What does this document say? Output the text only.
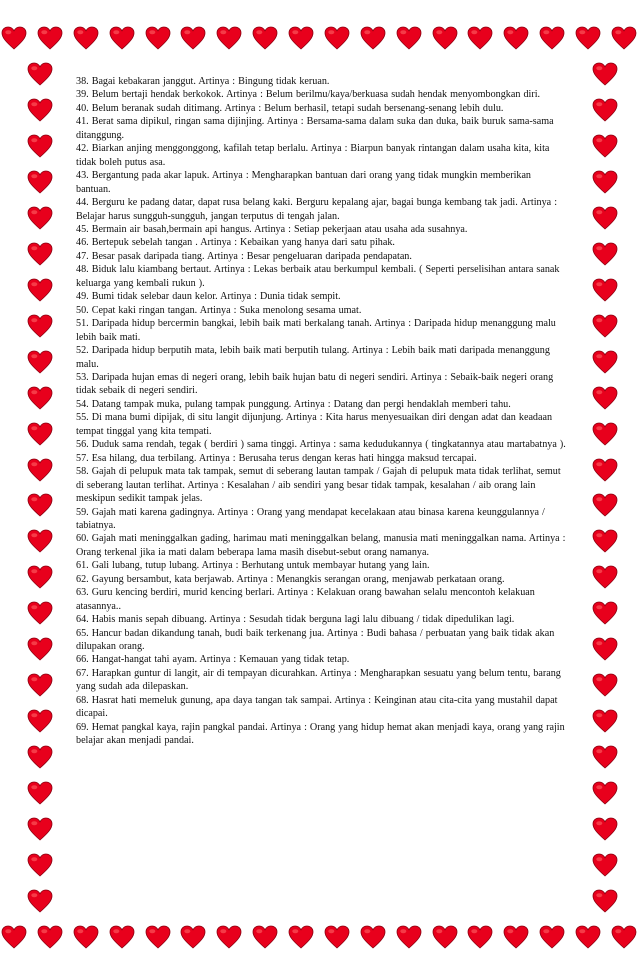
38. Bagai kebakaran janggut. Artinya : Bingung tidak keruan.

39. Belum bertaji hendak berkokok. Artinya : Belum berilmu/kaya/berkuasa sudah hendak menyombongkan diri.

40. Belum beranak sudah ditimang. Artinya : Belum berhasil, tetapi sudah bersenang-senang lebih dulu.

41. Berat sama dipikul, ringan sama dijinjing. Artinya : Bersama-sama dalam suka dan duka, baik buruk sama-sama ditanggung.

42. Biarkan anjing menggonggong, kafilah tetap berlalu. Artinya : Biarpun banyak rintangan dalam usaha kita, kita tidak boleh putus asa.

43. Bergantung pada akar lapuk. Artinya : Mengharapkan bantuan dari orang yang tidak mungkin memberikan bantuan.

44. Berguru ke padang datar, dapat rusa belang kaki. Berguru kepalang ajar, bagai bunga kembang tak jadi. Artinya : Belajar harus sungguh-sungguh, jangan terputus di tengah jalan.

45. Bermain air basah,bermain api hangus. Artinya : Setiap pekerjaan atau usaha ada susahnya.

46. Bertepuk sebelah tangan . Artinya : Kebaikan yang hanya dari satu pihak.

47. Besar pasak daripada tiang. Artinya : Besar pengeluaran daripada pendapatan.

48. Biduk lalu kiambang bertaut. Artinya : Lekas berbaik atau berkumpul kembali. ( Seperti perselisihan antara sanak keluarga yang kembali rukun ).

49. Bumi tidak selebar daun kelor. Artinya : Dunia tidak sempit.

50. Cepat kaki ringan tangan. Artinya : Suka menolong sesama umat.

51. Daripada hidup bercermin bangkai, lebih baik mati berkalang tanah. Artinya : Daripada hidup menanggung malu lebih baik mati.

52. Daripada hidup berputih mata, lebih baik mati berputih tulang. Artinya : Lebih baik mati daripada menanggung malu.

53. Daripada hujan emas di negeri orang, lebih baik hujan batu di negeri sendiri. Artinya : Sebaik-baik negeri orang tidak sebaik di negeri sendiri.

54. Datang tampak muka, pulang tampak punggung. Artinya : Datang dan pergi hendaklah memberi tahu.

55. Di mana bumi dipijak, di situ langit dijunjung. Artinya : Kita harus menyesuaikan diri dengan adat dan keadaan tempat tinggal yang kita tempati.

56. Duduk sama rendah, tegak ( berdiri ) sama tinggi. Artinya : sama kedudukannya ( tingkatannya atau martabatnya ).

57. Esa hilang, dua terbilang. Artinya : Berusaha terus dengan keras hati hingga maksud tercapai.

58. Gajah di pelupuk mata tak tampak, semut di seberang lautan tampak / Gajah di pelupuk mata tidak terlihat, semut di seberang lautan terlihat. Artinya : Kesalahan / aib sendiri yang besar tidak tampak, kesalahan / aib orang lain meskipun sedikit tampak jelas.

59. Gajah mati karena gadingnya. Artinya : Orang yang mendapat kecelakaan atau binasa karena keunggulannya / tabiatnya.

60. Gajah mati meninggalkan gading, harimau mati meninggalkan belang, manusia mati meninggalkan nama. Artinya : Orang terkenal jika ia mati dalam beberapa lama masih disebut-sebut orang namanya.

61. Gali lubang, tutup lubang. Artinya : Berhutang untuk membayar hutang yang lain.

62. Gayung bersambut, kata berjawab. Artinya : Menangkis serangan orang, menjawab perkataan orang.

63. Guru kencing berdiri, murid kencing berlari. Artinya : Kelakuan orang bawahan selalu mencontoh kelakuan atasannya..

64. Habis manis sepah dibuang. Artinya : Sesudah tidak berguna lagi lalu dibuang / tidak dipedulikan lagi.

65. Hancur badan dikandung tanah, budi baik terkenang jua. Artinya : Budi bahasa / perbuatan yang baik tidak akan dilupakan orang.

66. Hangat-hangat tahi ayam. Artinya : Kemauan yang tidak tetap.

67. Harapkan guntur di langit, air di tempayan dicurahkan. Artinya : Mengharapkan sesuatu yang belum tentu, barang yang sudah ada dilepaskan.

68. Hasrat hati memeluk gunung, apa daya tangan tak sampai. Artinya : Keinginan atau cita-cita yang mustahil dapat dicapai.

69. Hemat pangkal kaya, rajin pangkal pandai. Artinya : Orang yang hidup hemat akan menjadi kaya, orang yang rajin belajar akan menjadi pandai.
